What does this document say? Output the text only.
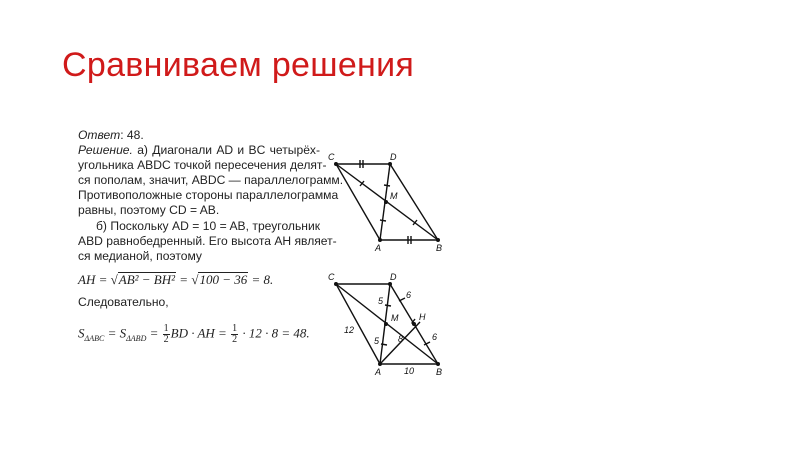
Сравниваем решения
Ответ: 48.
Решение. а) Диагонали AD и BC четырёх-
угольника ABDC точкой пересечения делят-
ся пополам, значит, ABDC — параллелограмм.
Противоположные стороны параллелограмма
равны, поэтому CD = AB.
б) Поскольку AD = 10 = AB, треугольник
ABD равнобедренный. Его высота AH являет-
ся медианой, поэтому
AH = √AB² − BH² = √100 − 36 = 8.
Следовательно,
$S_{\Delta ABC} = S_{\Delta ABD} = \frac{1}{2}$ BD · AH = $\frac{1}{2} \cdot 12 \cdot 8 = 48$.
C	D
M
A	B
C	D
M H
A	B
12
5
5
6
6
10
8
